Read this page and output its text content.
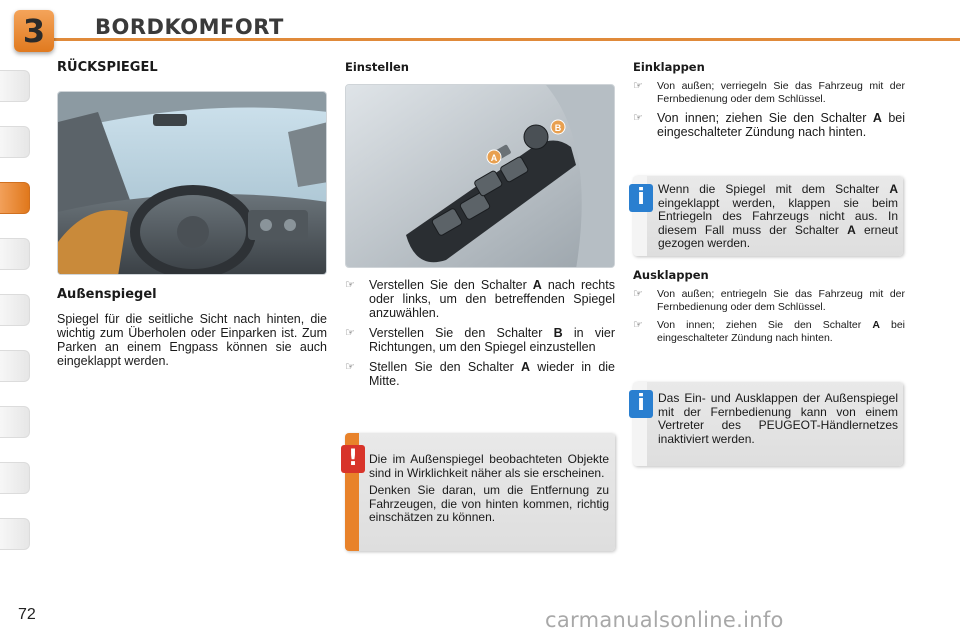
3	BORDKOMFORT
RÜCKSPIEGEL
Außenspiegel

Spiegel für die seitliche Sicht nach hinten, die wichtig zum Überholen oder Einparken ist. Zum Parken an einem Engpass können sie auch eingeklappt werden.

Einstellen
A
B
☞ Verstellen Sie den Schalter A nach rechts oder links, um den betreffenden Spiegel anzuwählen.
☞ Verstellen Sie den Schalter B in vier Richtungen, um den Spiegel einzustellen
☞ Stellen Sie den Schalter A wieder in die Mitte.
! Die im Außenspiegel beobachteten Objekte sind in Wirklichkeit näher als sie erscheinen.

Denken Sie daran, um die Entfernung zu Fahrzeugen, die von hinten kommen, richtig einschätzen zu können.

Einklappen
☞ Von außen; verriegeln Sie das Fahrzeug mit der Fernbedienung oder dem Schlüssel.
☞ Von innen; ziehen Sie den Schalter A bei eingeschalteter Zündung nach hinten.
i	Wenn die Spiegel mit dem Schalter A eingeklappt werden, klappen sie beim Entriegeln des Fahrzeugs nicht aus. In diesem Fall muss der Schalter A erneut gezogen werden.
Ausklappen
☞ Von außen; entriegeln Sie das Fahrzeug mit der Fernbedienung oder dem Schlüssel.
☞ Von innen; ziehen Sie den Schalter A bei eingeschalteter Zündung nach hinten.
i	Das Ein- und Ausklappen der Außenspiegel mit der Fernbedienung kann von einem Vertreter des PEUGEOT-Händlernetzes inaktiviert werden.
72	carmanualsonline.info
